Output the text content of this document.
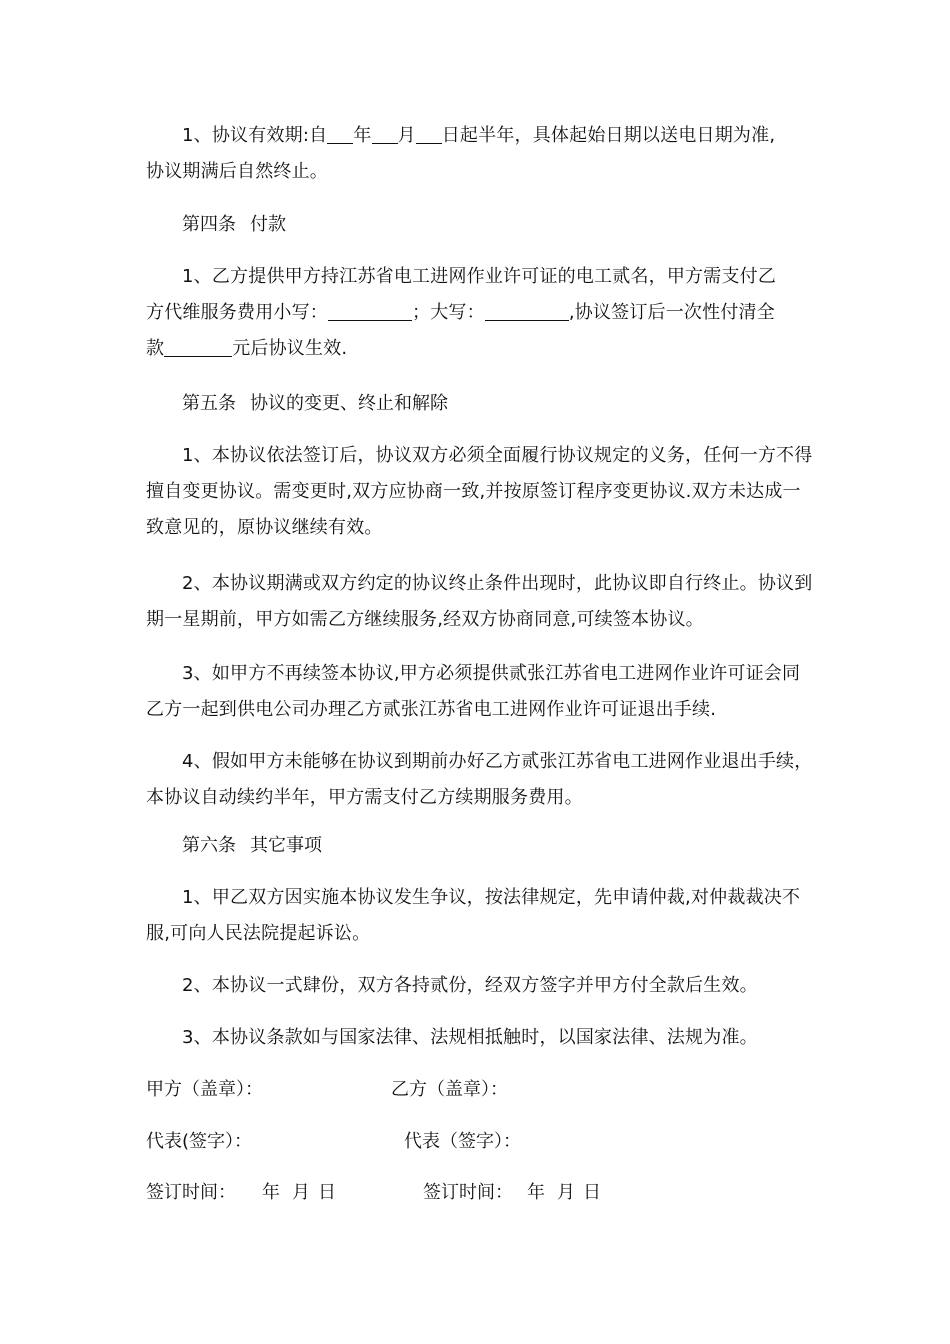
1、协议有效期:自 年 月 日起半年，具体起始日期以送电日期为准,
协议期满后自然终止。

第四条 付款

1、乙方提供甲方持江苏省电工进网作业许可证的电工贰名，甲方需支付乙
方代维服务费用小写：	；大写：	,协议签订后一次性付清全
款	元后协议生效.

第五条 协议的变更、终止和解除

1、本协议依法签订后，协议双方必须全面履行协议规定的义务，任何一方不得擅自变更协议。需变更时,双方应协商一致,并按原签订程序变更协议.双方未达成一致意见的，原协议继续有效。

2、本协议期满或双方约定的协议终止条件出现时，此协议即自行终止。协议到期一星期前，甲方如需乙方继续服务,经双方协商同意,可续签本协议。

3、如甲方不再续签本协议,甲方必须提供贰张江苏省电工进网作业许可证会同乙方一起到供电公司办理乙方贰张江苏省电工进网作业许可证退出手续.

4、假如甲方未能够在协议到期前办好乙方贰张江苏省电工进网作业退出手续，本协议自动续约半年，甲方需支付乙方续期服务费用。

第六条 其它事项

1、甲乙双方因实施本协议发生争议，按法律规定，先申请仲裁,对仲裁裁决不服,可向人民法院提起诉讼。

2、本协议一式肆份，双方各持贰份，经双方签字并甲方付全款后生效。

3、本协议条款如与国家法律、法规相抵触时，以国家法律、法规为准。

甲方（盖章）：	乙方（盖章）：

代表(签字）：	代表（签字）：

签订时间： 年 月 日	签订时间： 年 月 日
